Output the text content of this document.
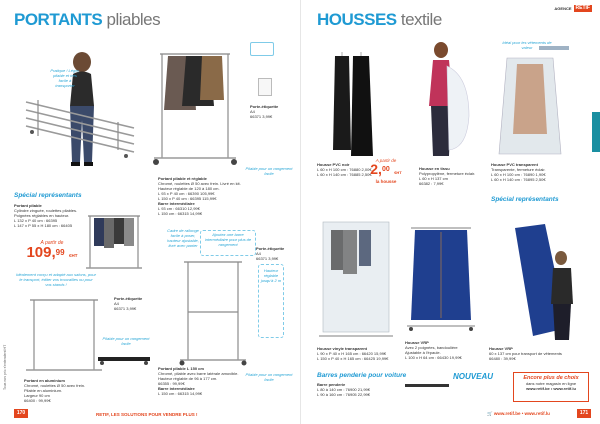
PORTANTS pliables
Pratique ! Léger, pliable et très facile à transporter
Porte-étiquette
A4
66371 3,99€
Pliable pour un rangement facile
Portant pliable et réglable
Chromé, roulettes Ø 50 avec frein. Livré en kit.
Hauteur réglable de 120 à 180 cm.
L 93 x P 40 cm : 66390 105,99€
L 150 x P 40 cm : 66395 115,99€
Barre intermédiaire
L 93 cm : 66310 12,99€
L 150 cm : 66315 14,99€
Spécial représentants
Portant pliable
Cylindre zinguée, roulettes pliables.
Poignées réglables en hauteur.
L 132 x P 40 cm : 66395
L 147 x P 55 x H 180 cm : 66405
A partir de
109,99 €HT
Idéalement conçu et adapté aux salons, pour le transport, éditer vos trouvailles ou pour vos stands !
Ajoutez une barre intermédiaire pour plus de rangement
Cadre de rallonge facile à poser, hauteur ajustable, livré avec panier
Porte-étiquette
A4
66371 3,99€
Hauteur réglable jusqu'à 2 m
Portant pliable L 150 cm
Chromé, pliable avec barre latérale amovible.
Hauteur réglable de 96 à 177 cm.
66355 : 99,99€
Barre intermédiaire
L 150 cm : 66315 14,99€
Pliable pour un rangement facile
Porte-étiquette
A4
66371 3,99€
Pliable pour un rangement facile
Portant en aluminium
Chromé, roulettes Ø 50 avec frein.
Pliable en aluminium.
Largeur 90 cm
66400 : 99,99€
Tous nos prix s'entendent HT
170	RETIF, LES SOLUTIONS POUR VENDRE PLUS !
AGENCE RETIF
HOUSSES textile
Housse PVC noir
L 60 x H 100 cm : 76880 2,00€
L 60 x H 140 cm : 76885 2,50€
A partir de
2,00 €HT
la housse
Housse en tissu
Polypropylène, fermeture éclair.
L 60 x H 137 cm
66382 : 7,99€
Idéal pour les vêtements de valeur
Housse PVC transparent
Transparente, fermeture éclair.
L 60 x H 100 cm : 76890 1,90€
L 60 x H 140 cm : 76895 2,50€
Spécial représentants
Housse vinyle transparent
L 90 x P 40 x H 165 cm : 66420 15,99€
L 150 x P 40 x H 165 cm : 66425 19,99€
Housse VRP
Avec 2 poignées, bandoulière
Ajustable à l'épaule.
L 100 x H 64 cm : 66430 19,99€
Housse VRP
60 x 137 cm pour transport de vêtements
66480 : 39,99€
Barres penderie pour voiture
Barre penderie
L 80 à 140 cm : 76900 21,99€
L 90 à 160 cm : 76905 22,99€
NOUVEAU	Encore plus de choix
dans notre magasin en ligne
www.retif.be • www.retif.lu
🛒 www.retif.be • www.retif.lu	171
